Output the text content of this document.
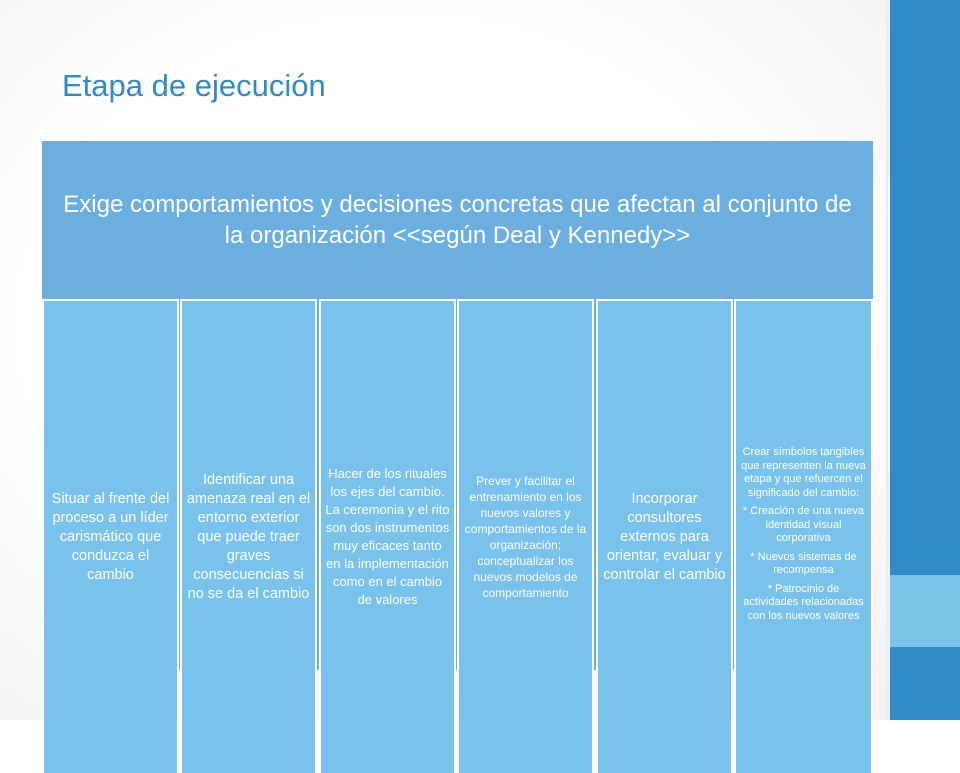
Etapa de ejecución
Exige comportamientos y decisiones concretas que afectan al conjunto de la organización <<según Deal y Kennedy>>
Situar al frente del proceso a un líder carismático que conduzca el cambio
Identificar una amenaza real en el entorno exterior que puede traer graves consecuencias si no se da el cambio
Hacer de los rituales los ejes del cambio. La ceremonia y el rito son dos instrumentos muy eficaces tanto en la implementación como en el cambio de valores
Prever y facilitar el entrenamiento en los nuevos valores y comportamientos de la organización; conceptualizar los nuevos modelos de comportamiento
Incorporar consultores externos para orientar, evaluar y controlar el cambio

Crear símbolos tangibles que representen la nueva etapa y que refuercen el significado del cambio:

* Creación de una nueva identidad visual corporativa

* Nuevos sistemas de recompensa

* Patrocinio de actividades relacionadas con los nuevos valores
